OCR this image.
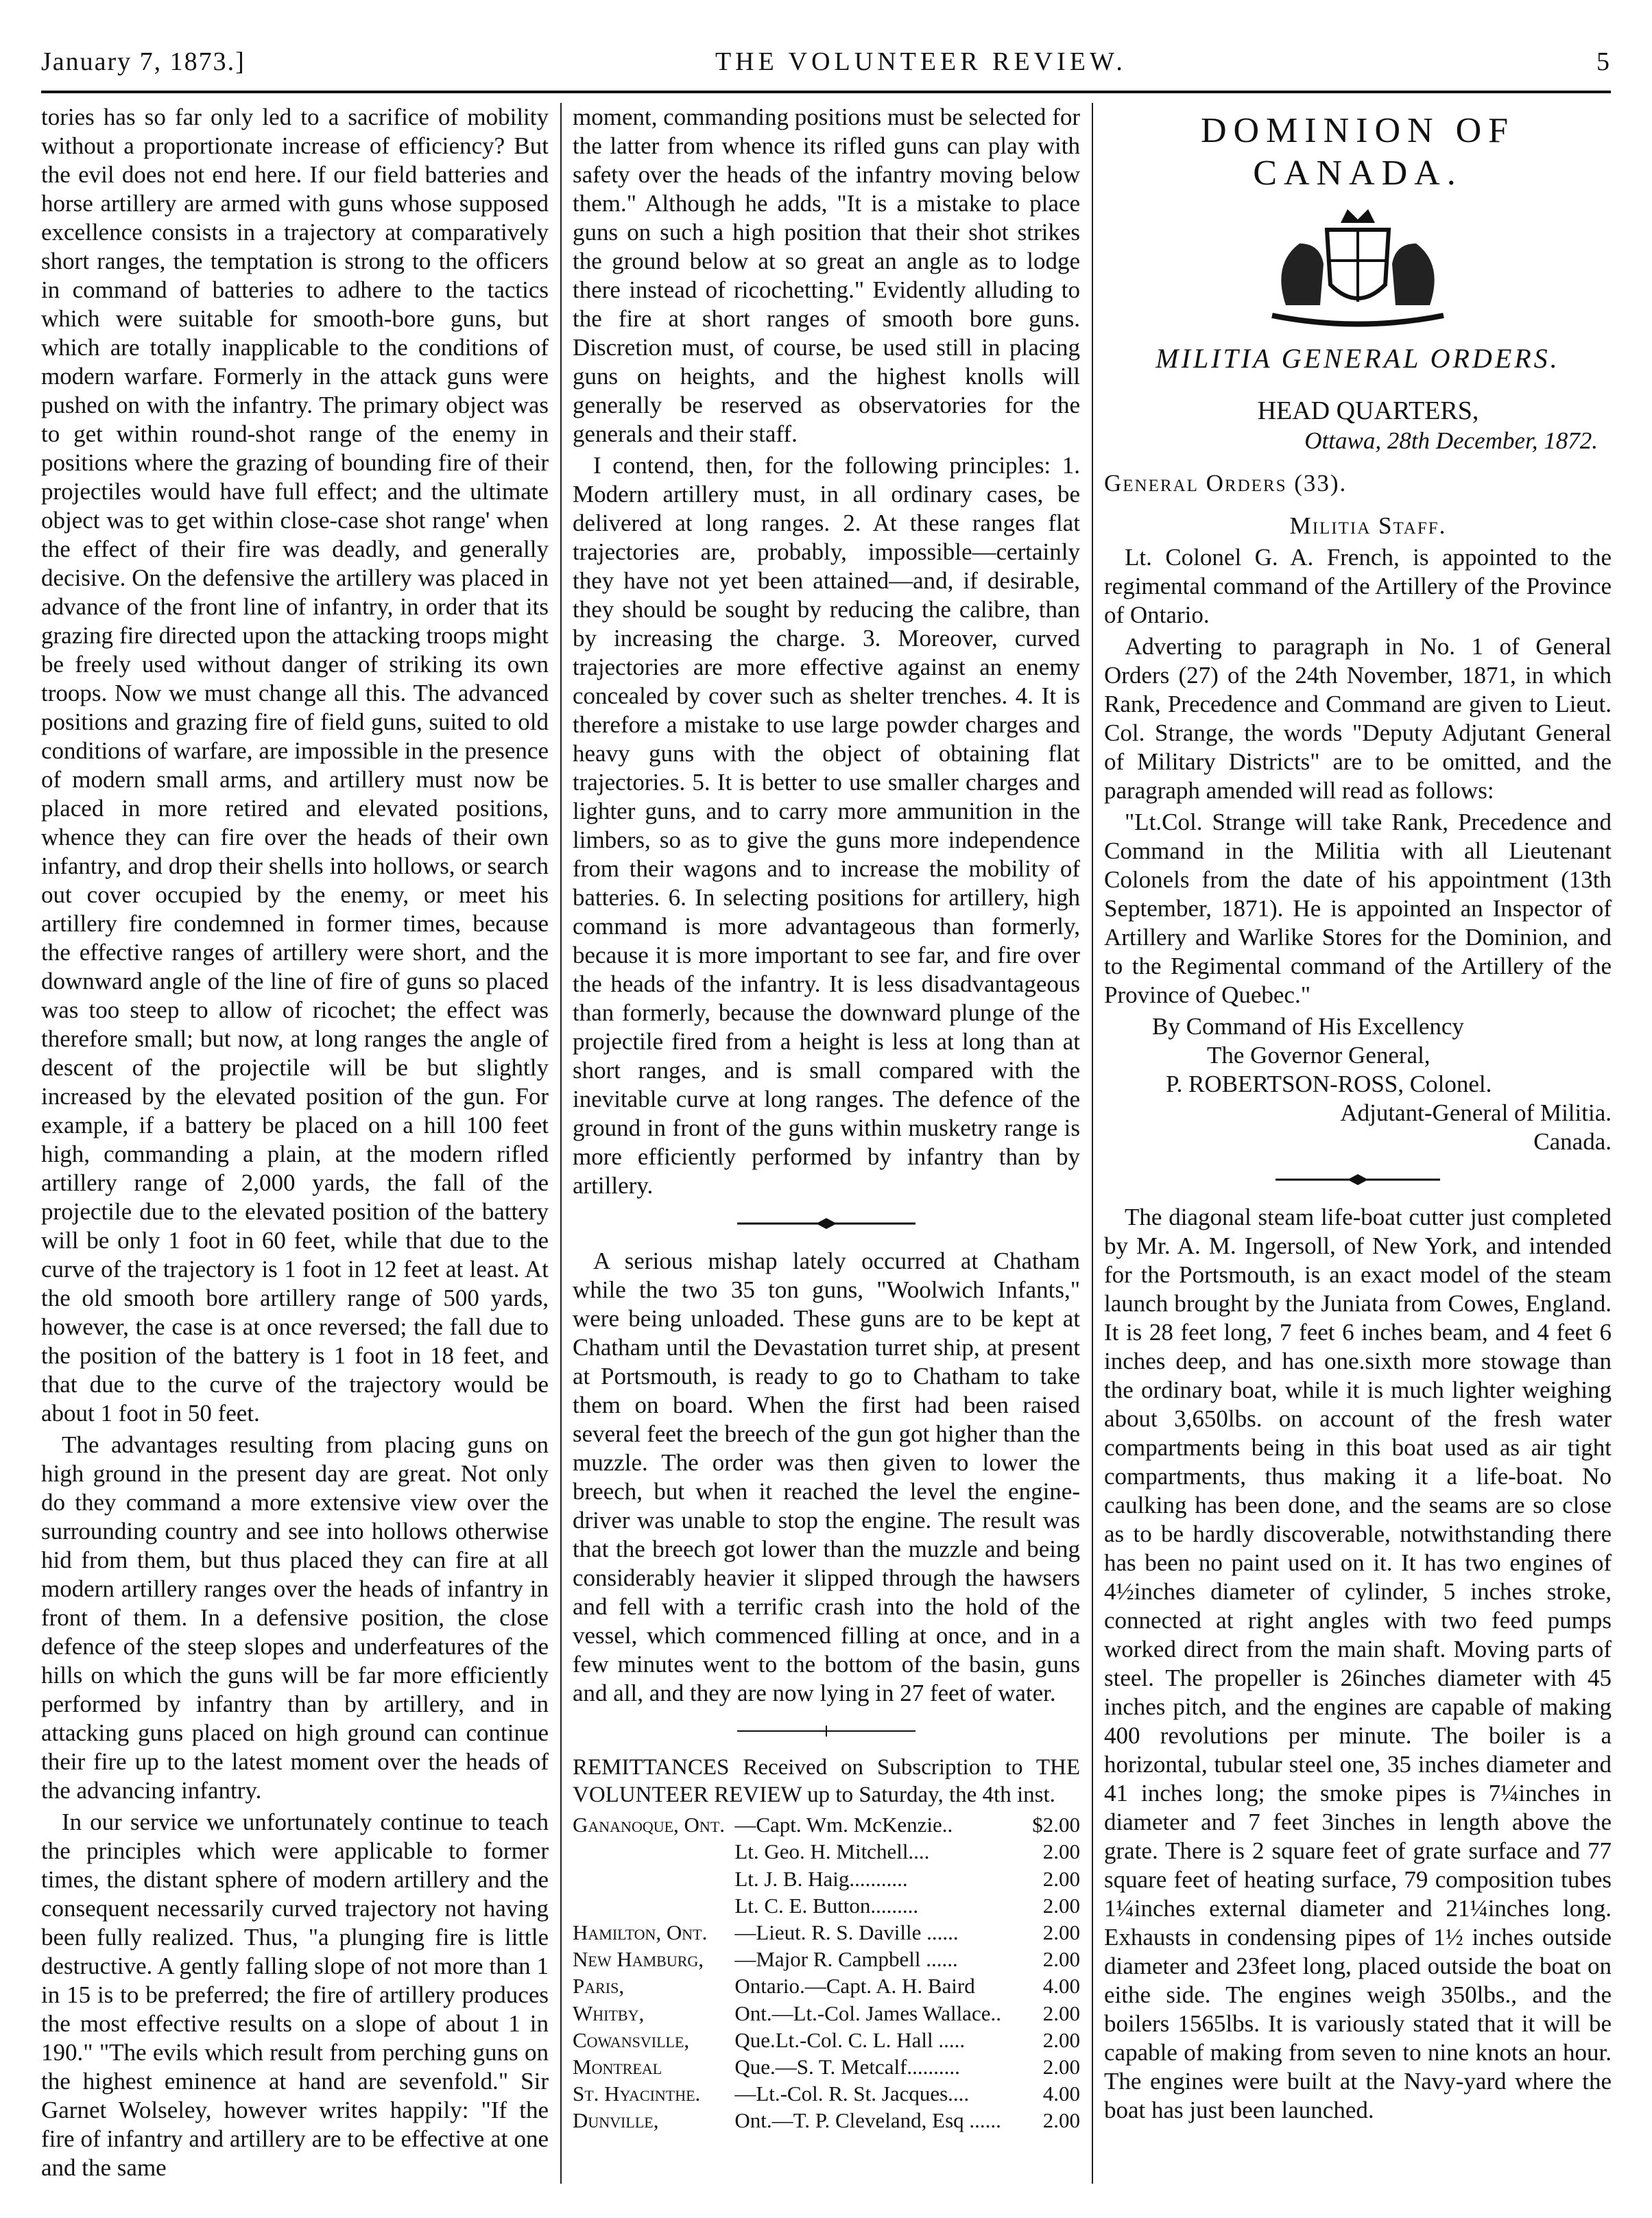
January 7, 1873.]	THE VOLUNTEER REVIEW.	5

tories has so far only led to a sacrifice of mobility without a proportionate increase of efficiency? But the evil does not end here. If our field batteries and horse artillery are armed with guns whose supposed excellence consists in a trajectory at comparatively short ranges, the temptation is strong to the officers in command of batteries to adhere to the tactics which were suitable for smooth-bore guns, but which are totally inapplicable to the conditions of modern warfare. Formerly in the attack guns were pushed on with the infantry. The primary object was to get within round-shot range of the enemy in positions where the grazing of bounding fire of their projectiles would have full effect; and the ultimate object was to get within close-case shot range' when the effect of their fire was deadly, and generally decisive. On the defensive the artillery was placed in advance of the front line of infantry, in order that its grazing fire directed upon the attacking troops might be freely used without danger of striking its own troops. Now we must change all this. The advanced positions and grazing fire of field guns, suited to old conditions of warfare, are impossible in the presence of modern small arms, and artillery must now be placed in more retired and elevated positions, whence they can fire over the heads of their own infantry, and drop their shells into hollows, or search out cover occupied by the enemy, or meet his artillery fire condemned in former times, because the effective ranges of artillery were short, and the downward angle of the line of fire of guns so placed was too steep to allow of ricochet; the effect was therefore small; but now, at long ranges the angle of descent of the projectile will be but slightly increased by the elevated position of the gun. For example, if a battery be placed on a hill 100 feet high, commanding a plain, at the modern rifled artillery range of 2,000 yards, the fall of the projectile due to the elevated position of the battery will be only 1 foot in 60 feet, while that due to the curve of the trajectory is 1 foot in 12 feet at least. At the old smooth bore artillery range of 500 yards, however, the case is at once reversed; the fall due to the position of the battery is 1 foot in 18 feet, and that due to the curve of the trajectory would be about 1 foot in 50 feet.

The advantages resulting from placing guns on high ground in the present day are great. Not only do they command a more extensive view over the surrounding country and see into hollows otherwise hid from them, but thus placed they can fire at all modern artillery ranges over the heads of infantry in front of them. In a defensive position, the close defence of the steep slopes and underfeatures of the hills on which the guns will be far more efficiently performed by infantry than by artillery, and in attacking guns placed on high ground can continue their fire up to the latest moment over the heads of the advancing infantry.

In our service we unfortunately continue to teach the principles which were applicable to former times, the distant sphere of modern artillery and the consequent necessarily curved trajectory not having been fully realized. Thus, "a plunging fire is little destructive. A gently falling slope of not more than 1 in 15 is to be preferred; the fire of artillery produces the most effective results on a slope of about 1 in 190." "The evils which result from perching guns on the highest eminence at hand are sevenfold." Sir Garnet Wolseley, however writes happily: "If the fire of infantry and artillery are to be effective at one and the same

moment, commanding positions must be selected for the latter from whence its rifled guns can play with safety over the heads of the infantry moving below them." Although he adds, "It is a mistake to place guns on such a high position that their shot strikes the ground below at so great an angle as to lodge there instead of ricochetting." Evidently alluding to the fire at short ranges of smooth bore guns. Discretion must, of course, be used still in placing guns on heights, and the highest knolls will generally be reserved as observatories for the generals and their staff.

I contend, then, for the following principles: 1. Modern artillery must, in all ordinary cases, be delivered at long ranges. 2. At these ranges flat trajectories are, probably, impossible—certainly they have not yet been attained—and, if desirable, they should be sought by reducing the calibre, than by increasing the charge. 3. Moreover, curved trajectories are more effective against an enemy concealed by cover such as shelter trenches. 4. It is therefore a mistake to use large powder charges and heavy guns with the object of obtaining flat trajectories. 5. It is better to use smaller charges and lighter guns, and to carry more ammunition in the limbers, so as to give the guns more independence from their wagons and to increase the mobility of batteries. 6. In selecting positions for artillery, high command is more advantageous than formerly, because it is more important to see far, and fire over the heads of the infantry. It is less disadvantageous than formerly, because the downward plunge of the projectile fired from a height is less at long than at short ranges, and is small compared with the inevitable curve at long ranges. The defence of the ground in front of the guns within musketry range is more efficiently performed by infantry than by artillery.

A serious mishap lately occurred at Chatham while the two 35 ton guns, "Woolwich Infants," were being unloaded. These guns are to be kept at Chatham until the Devastation turret ship, at present at Portsmouth, is ready to go to Chatham to take them on board. When the first had been raised several feet the breech of the gun got higher than the muzzle. The order was then given to lower the breech, but when it reached the level the engine-driver was unable to stop the engine. The result was that the breech got lower than the muzzle and being considerably heavier it slipped through the hawsers and fell with a terrific crash into the hold of the vessel, which commenced filling at once, and in a few minutes went to the bottom of the basin, guns and all, and they are now lying in 27 feet of water.

REMITTANCES Received on Subscription to THE VOLUNTEER REVIEW up to Saturday, the 4th inst.

Gananoque, Ont.	—Capt. Wm. McKenzie..	$2.00
	Lt. Geo. H. Mitchell....	2.00
	Lt. J. B. Haig...........	2.00
	Lt. C. E. Button.........	2.00
Hamilton, Ont.	—Lieut. R. S. Daville ......	2.00
New Hamburg,	—Major R. Campbell ......	2.00
Paris,	Ontario.—Capt. A. H. Baird	4.00
Whitby,	Ont.—Lt.-Col. James Wallace..	2.00
Cowansville,	Que.Lt.-Col. C. L. Hall .....	2.00
Montreal	Que.—S. T. Metcalf..........	2.00
St. Hyacinthe.	—Lt.-Col. R. St. Jacques....	4.00
Dunville,	Ont.—T. P. Cleveland, Esq ......	2.00
DOMINION OF CANADA.
MILITIA GENERAL ORDERS.

HEAD QUARTERS,

Ottawa, 28th December, 1872.

General Orders (33).

Militia Staff.

Lt. Colonel G. A. French, is appointed to the regimental command of the Artillery of the Province of Ontario.

Adverting to paragraph in No. 1 of General Orders (27) of the 24th November, 1871, in which Rank, Precedence and Command are given to Lieut. Col. Strange, the words "Deputy Adjutant General of Military Districts" are to be omitted, and the paragraph amended will read as follows:

"Lt.Col. Strange will take Rank, Precedence and Command in the Militia with all Lieutenant Colonels from the date of his appointment (13th September, 1871). He is appointed an Inspector of Artillery and Warlike Stores for the Dominion, and to the Regimental command of the Artillery of the Province of Quebec."

By Command of His Excellency

The Governor General,

P. ROBERTSON-ROSS, Colonel.

Adjutant-General of Militia.

Canada.

The diagonal steam life-boat cutter just completed by Mr. A. M. Ingersoll, of New York, and intended for the Portsmouth, is an exact model of the steam launch brought by the Juniata from Cowes, England. It is 28 feet long, 7 feet 6 inches beam, and 4 feet 6 inches deep, and has one.sixth more stowage than the ordinary boat, while it is much lighter weighing about 3,650lbs. on account of the fresh water compartments being in this boat used as air tight compartments, thus making it a life-boat. No caulking has been done, and the seams are so close as to be hardly discoverable, notwithstanding there has been no paint used on it. It has two engines of 4½inches diameter of cylinder, 5 inches stroke, connected at right angles with two feed pumps worked direct from the main shaft. Moving parts of steel. The propeller is 26inches diameter with 45 inches pitch, and the engines are capable of making 400 revolutions per minute. The boiler is a horizontal, tubular steel one, 35 inches diameter and 41 inches long; the smoke pipes is 7¼inches in diameter and 7 feet 3inches in length above the grate. There is 2 square feet of grate surface and 77 square feet of heating surface, 79 composition tubes 1¼inches external diameter and 21¼inches long. Exhausts in condensing pipes of 1½ inches outside diameter and 23feet long, placed outside the boat on eithe side. The engines weigh 350lbs., and the boilers 1565lbs. It is variously stated that it will be capable of making from seven to nine knots an hour. The engines were built at the Navy-yard where the boat has just been launched.
